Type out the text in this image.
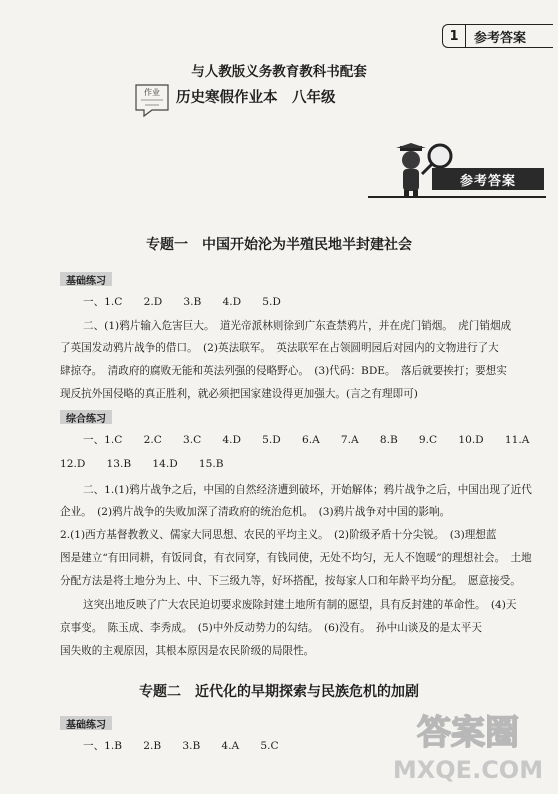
1	参考答案
与人教版义务教育教科书配套
作业 历史寒假作业本　八年级
参考答案
专题一　中国开始沦为半殖民地半封建社会
基础练习
一、1.C　　2.D　　3.B　　4.D　　5.D
二、(1)鸦片输入危害巨大。　道光帝派林则徐到广东查禁鸦片，并在虎门销烟。　虎门销烟成
了英国发动鸦片战争的借口。　(2)英法联军。　英法联军在占领圆明园后对园内的文物进行了大
肆掠夺。　清政府的腐败无能和英法列强的侵略野心。　(3)代码：BDE。　落后就要挨打；要想实
现反抗外国侵略的真正胜利，就必须把国家建设得更加强大。(言之有理即可)
综合练习
一、1.C　　2.C　　3.C　　4.D　　5.D　　6.A　　7.A　　8.B　　9.C　　10.D　　11.A
12.D　　13.B　　14.D　　15.B
二、1.(1)鸦片战争之后，中国的自然经济遭到破坏，开始解体；鸦片战争之后，中国出现了近代
企业。　(2)鸦片战争的失败加深了清政府的统治危机。　(3)鸦片战争对中国的影响。
2.(1)西方基督教教义、儒家大同思想、农民的平均主义。　(2)阶级矛盾十分尖锐。　(3)理想蓝
图是建立“有田同耕，有饭同食，有衣同穿，有钱同使，无处不均匀，无人不饱暖”的理想社会。　土地
分配方法是将土地分为上、中、下三级九等，好坏搭配，按每家人口和年龄平均分配。　愿意接受。
这突出地反映了广大农民迫切要求废除封建土地所有制的愿望，具有反封建的革命性。　(4)天
京事变。　陈玉成、李秀成。　(5)中外反动势力的勾结。　(6)没有。　孙中山谈及的是太平天
国失败的主观原因，其根本原因是农民阶级的局限性。
专题二　近代化的早期探索与民族危机的加剧
基础练习
一、1.B　　2.B　　3.B　　4.A　　5.C	答案圈
MXQE.COM
